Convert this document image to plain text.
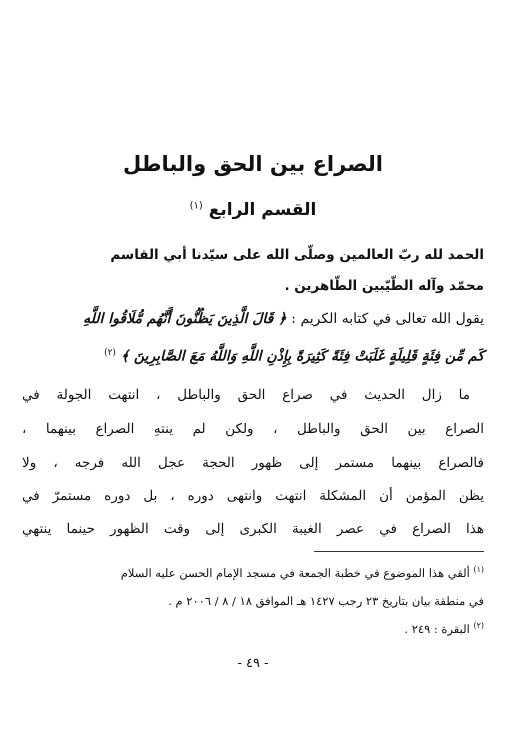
الصراع بين الحق والباطل
القسم الرابع $^{(١)}$
الحمد لله ربّ العالمين وصلّى الله على سيّدنا أبي القاسم
محمّد وآله الطّيّبين الطّاهرين .
يقول الله تعالى في كتابه الكريم : ﴿ قَالَ الَّذِينَ يَظُنُّونَ أَنَّهُم مُّلَاقُوا اللَّهِ
كَم مِّن فِئَةٍ قَلِيلَةٍ غَلَبَتْ فِئَةً كَثِيرَةً بِإِذْنِ اللَّهِ وَاللَّهُ مَعَ الصَّابِرِينَ ﴾ $^{(٢)}$
ما زال الحديث في صراع الحق والباطل ، انتهت الجولة في
الصراع بين الحق والباطل ، ولكن لم ينتهِ الصراع بينهما ،
فالصراع بينهما مستمر إلى ظهور الحجة عجل الله فرجه ، ولا
يظن المؤمن أن المشكلة انتهت وانتهى دوره ، بل دوره مستمرّ في
هذا الصراع في عصر الغيبة الكبرى إلى وقت الظهور حينما ينتهي
$^{(١)}$ ألقي هذا الموضوع في خطبة الجمعة في مسجد الإمام الحسن عليه السلام
في منطقة بيان بتاريخ ٢٣ رجب ١٤٢٧ هـ الموافق ١٨ / ٨ / ٢٠٠٦ م .
$^{(٢)}$ البقرة : ٢٤٩ .
- ٤٩ -
